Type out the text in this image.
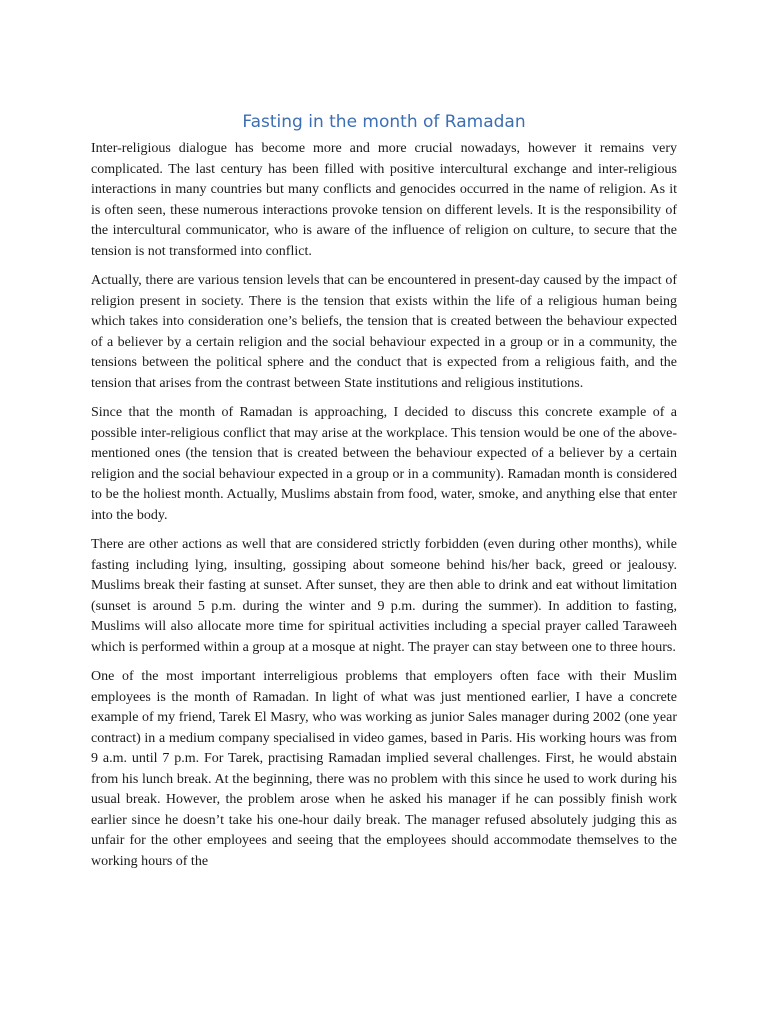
Fasting in the month of Ramadan

Inter-religious dialogue has become more and more crucial nowadays, however it remains very complicated. The last century has been filled with positive intercultural exchange and inter-religious interactions in many countries but many conflicts and genocides occurred in the name of religion. As it is often seen, these numerous interactions provoke tension on different levels. It is the responsibility of the intercultural communicator, who is aware of the influence of religion on culture, to secure that the tension is not transformed into conflict.

Actually, there are various tension levels that can be encountered in present-day caused by the impact of religion present in society. There is the tension that exists within the life of a religious human being which takes into consideration one’s beliefs, the tension that is created between the behaviour expected of a believer by a certain religion and the social behaviour expected in a group or in a community, the tensions between the political sphere and the conduct that is expected from a religious faith, and the tension that arises from the contrast between State institutions and religious institutions.

Since that the month of Ramadan is approaching, I decided to discuss this concrete example of a possible inter-religious conflict that may arise at the workplace. This tension would be one of the above-mentioned ones (the tension that is created between the behaviour expected of a believer by a certain religion and the social behaviour expected in a group or in a community). Ramadan month is considered to be the holiest month. Actually, Muslims abstain from food, water, smoke, and anything else that enter into the body.

There are other actions as well that are considered strictly forbidden (even during other months), while fasting including lying, insulting, gossiping about someone behind his/her back, greed or jealousy. Muslims break their fasting at sunset. After sunset, they are then able to drink and eat without limitation (sunset is around 5 p.m. during the winter and 9 p.m. during the summer). In addition to fasting, Muslims will also allocate more time for spiritual activities including a special prayer called Taraweeh which is performed within a group at a mosque at night. The prayer can stay between one to three hours.

One of the most important interreligious problems that employers often face with their Muslim employees is the month of Ramadan. In light of what was just mentioned earlier, I have a concrete example of my friend, Tarek El Masry, who was working as junior Sales manager during 2002 (one year contract) in a medium company specialised in video games, based in Paris. His working hours was from 9 a.m. until 7 p.m. For Tarek, practising Ramadan implied several challenges. First, he would abstain from his lunch break. At the beginning, there was no problem with this since he used to work during his usual break. However, the problem arose when he asked his manager if he can possibly finish work earlier since he doesn’t take his one-hour daily break. The manager refused absolutely judging this as unfair for the other employees and seeing that the employees should accommodate themselves to the working hours of the
